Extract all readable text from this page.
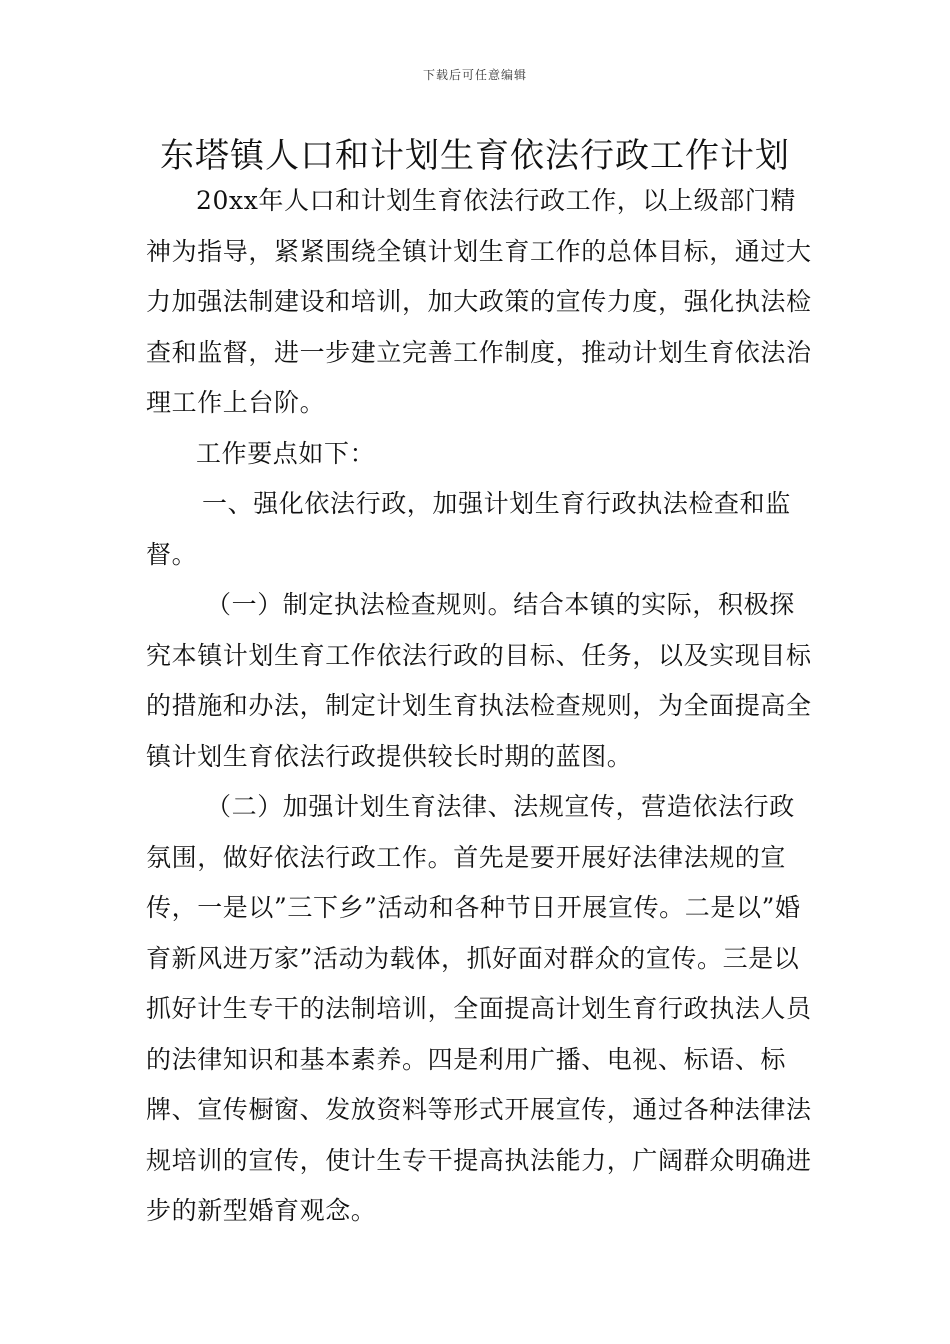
下载后可任意编辑
东塔镇人口和计划生育依法行政工作计划

20xx年人口和计划生育依法行政工作，以上级部门精神为指导，紧紧围绕全镇计划生育工作的总体目标，通过大力加强法制建设和培训，加大政策的宣传力度，强化执法检查和监督，进一步建立完善工作制度，推动计划生育依法治理工作上台阶。

工作要点如下：

一、强化依法行政，加强计划生育行政执法检查和监督。

（一）制定执法检查规则。结合本镇的实际，积极探究本镇计划生育工作依法行政的目标、任务，以及实现目标的措施和办法，制定计划生育执法检查规则，为全面提高全镇计划生育依法行政提供较长时期的蓝图。

（二）加强计划生育法律、法规宣传，营造依法行政氛围，做好依法行政工作。首先是要开展好法律法规的宣传，一是以”三下乡”活动和各种节日开展宣传。二是以”婚育新风进万家”活动为载体，抓好面对群众的宣传。三是以抓好计生专干的法制培训，全面提高计划生育行政执法人员的法律知识和基本素养。四是利用广播、电视、标语、标牌、宣传橱窗、发放资料等形式开展宣传，通过各种法律法规培训的宣传，使计生专干提高执法能力，广阔群众明确进步的新型婚育观念。
